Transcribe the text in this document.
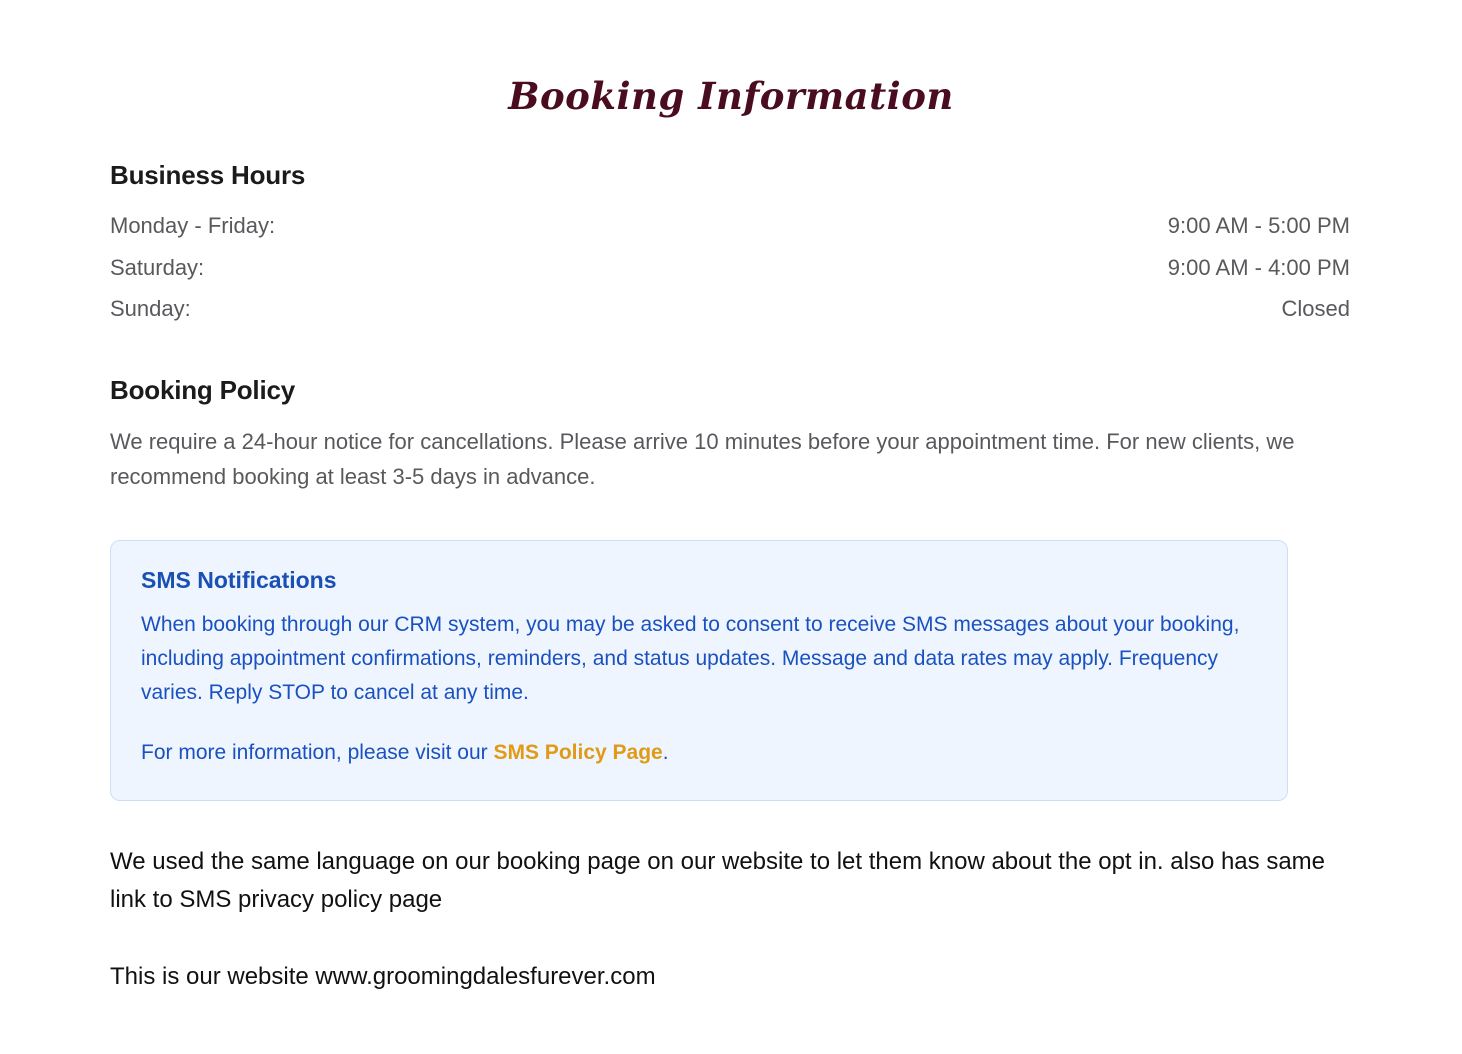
Booking Information
Business Hours
Monday - Friday:	9:00 AM - 5:00 PM
Saturday:	9:00 AM - 4:00 PM
Sunday:	Closed
Booking Policy

We require a 24-hour notice for cancellations. Please arrive 10 minutes before your appointment time. For new clients, we recommend booking at least 3-5 days in advance.

SMS Notifications

When booking through our CRM system, you may be asked to consent to receive SMS messages about your booking, including appointment confirmations, reminders, and status updates. Message and data rates may apply. Frequency varies. Reply STOP to cancel at any time.

For more information, please visit our SMS Policy Page.

We used the same language on our booking page on our website to let them know about the opt in. also has same link to SMS privacy policy page

This is our website www.groomingdalesfurever.com
